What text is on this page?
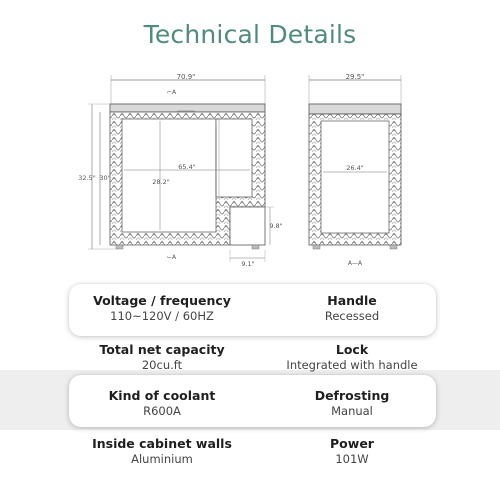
Technical Details
70.9"
⌐A
65.4"
28.2"
32.5" 30"
9.8"
9.1"
⌙A
29.5"
26.4"
A—A
Voltage / frequency
110~120V / 60HZ
Handle
Recessed
Total net capacity
20cu.ft
Lock
Integrated with handle
Kind of coolant
R600A
Defrosting
Manual
Inside cabinet walls
Aluminium
Power
101W
